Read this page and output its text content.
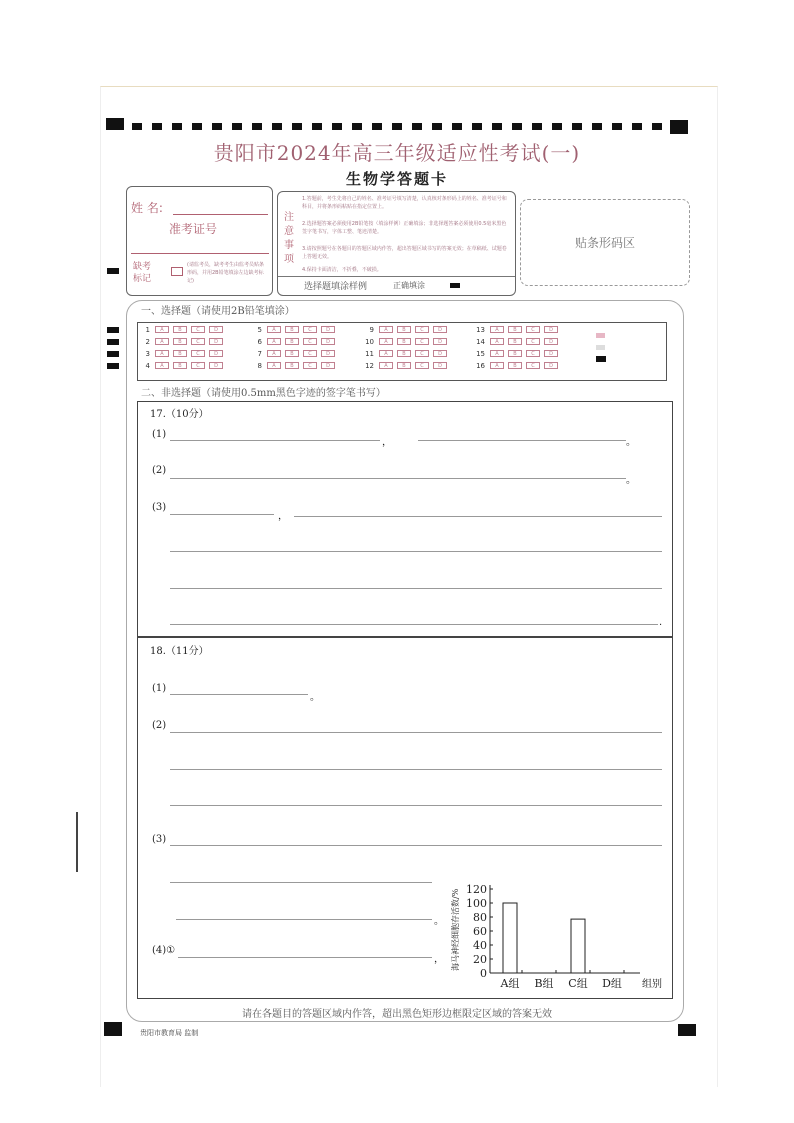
贵阳市2024年高三年级适应性考试(一)
生物学答题卡
姓 名:
准考证号
缺考
标记
(请监考员，缺考考生由监考员贴条形码，并用2B铅笔填涂左边缺考标记)
注
意
事
项
1.答题前，考生先将自己的姓名、准考证号填写清楚，认真核对条形码上的姓名、准考证号和科目，并将条形码粘贴在指定位置上。
2.选择题答案必须使用2B铅笔按（填涂样例）正确填涂；非选择题答案必须使用0.5毫米黑色签字笔书写，字体工整、笔迹清楚。
3.请按照题号在各题目的答题区域内作答，超出答题区域书写的答案无效；在草稿纸、试题卷上答题无效。
4.保持卡面清洁，不折叠，不破损。
选择题填涂样例	正确填涂
贴条形码区
一、选择题（请使用2B铅笔填涂）
1	A	B	C	D
2	A	B	C	D
3	A	B	C	D
4	A	B	C	D
5	A	B	C	D
6	A	B	C	D
7	A	B	C	D
8	A	B	C	D
9	A	B	C	D
10	A	B	C	D
11	A	B	C	D
12	A	B	C	D
13	A	B	C	D
14	A	B	C	D
15	A	B	C	D
16	A	B	C	D
二、非选择题（请使用0.5mm黑色字迹的签字笔书写）
17.（10分）
(1)
，	。
(2)
。
(3)
，
.
18.（11分）
(1)
。
(2)
(3)
。
(4)①
，
0
20
40
60
80
100
120
海马神经细胞存活数/%
A组 B组 C组 D组 组别
请在各题目的答题区域内作答，超出黑色矩形边框限定区域的答案无效
贵阳市教育局 监制
